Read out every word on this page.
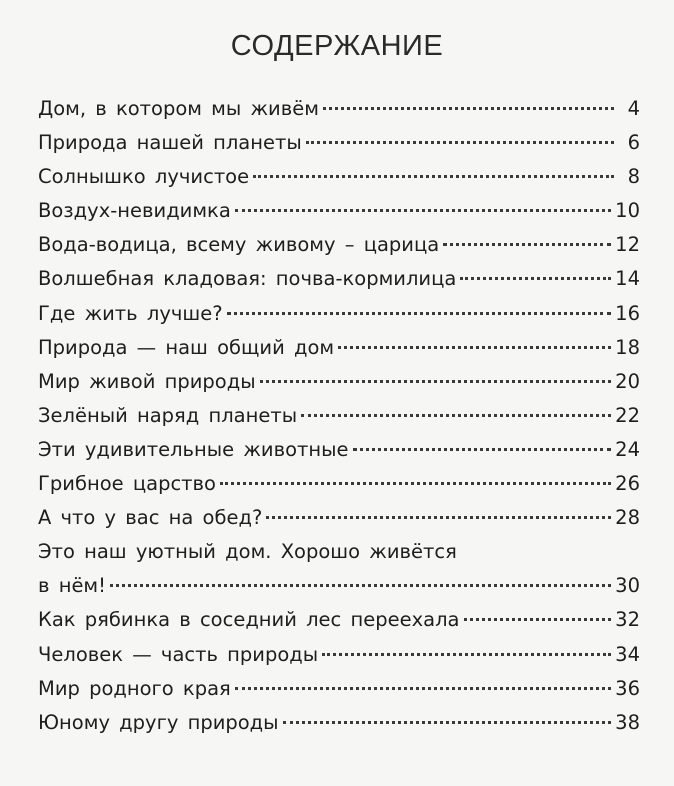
СОДЕРЖАНИЕ
Дом, в котором мы живём	4
Природа нашей планеты	6
Солнышко лучистое	8
Воздух-невидимка	10
Вода-водица, всему живому – царица	12
Волшебная кладовая: почва-кормилица	14
Где жить лучше?	16
Природа — наш общий дом	18
Мир живой природы	20
Зелёный наряд планеты	22
Эти удивительные животные	24
Грибное царство	26
А что у вас на обед?	28
Это наш уютный дом. Хорошо живётся
в нём!	30
Как рябинка в соседний лес переехала	32
Человек — часть природы	34
Мир родного края	36
Юному другу природы	38
